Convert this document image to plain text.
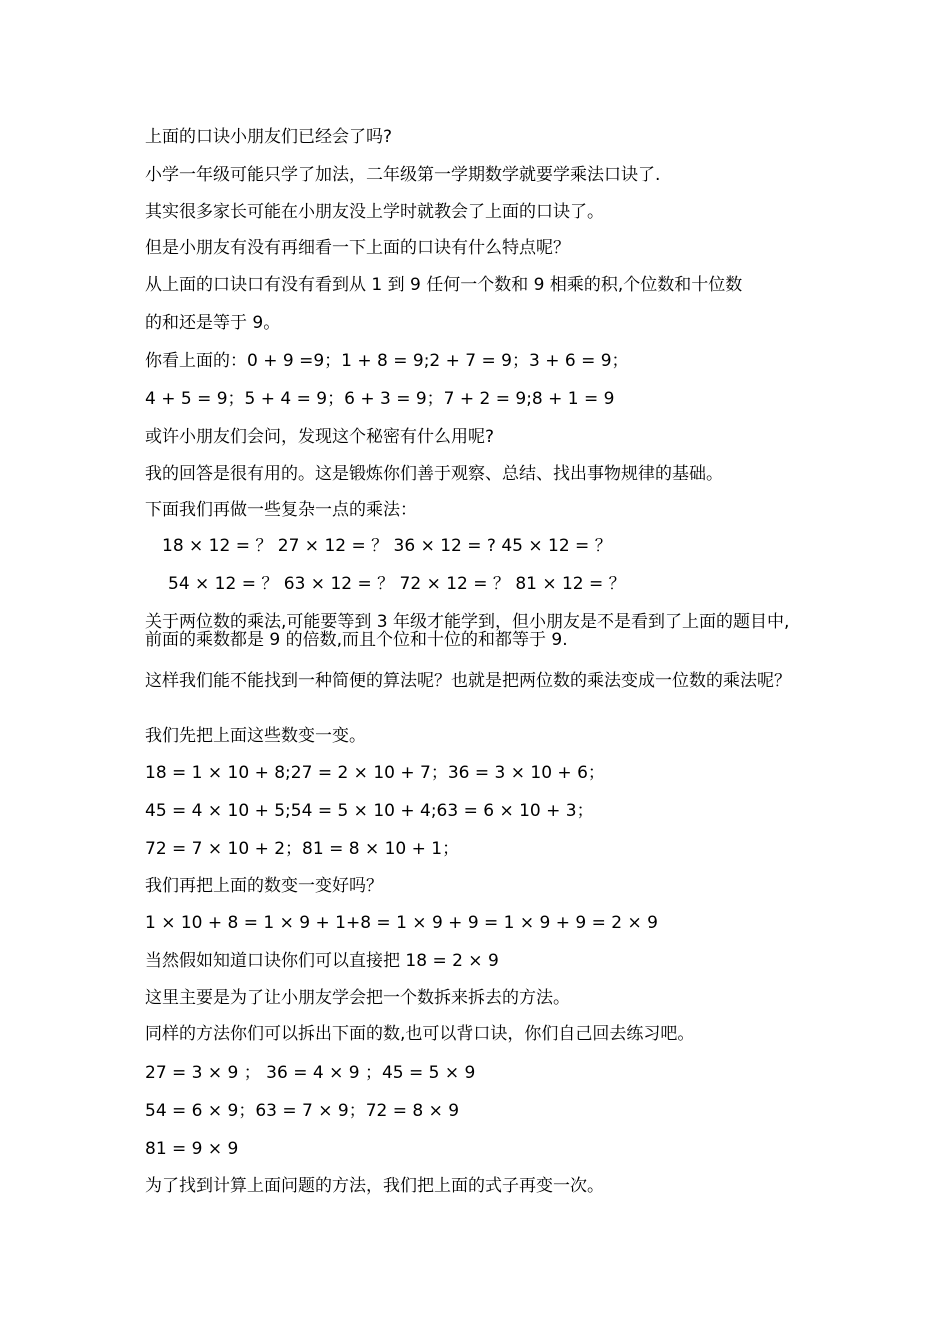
上面的口诀小朋友们已经会了吗?
小学一年级可能只学了加法，二年级第一学期数学就要学乘法口诀了.
其实很多家长可能在小朋友没上学时就教会了上面的口诀了。
但是小朋友有没有再细看一下上面的口诀有什么特点呢？
从上面的口诀口有没有看到从 1 到 9 任何一个数和 9 相乘的积,个位数和十位数
的和还是等于 9。
你看上面的：0 + 9 =9；1 + 8 = 9;2 + 7 = 9；3 + 6 = 9；
4 + 5 = 9；5 + 4 = 9；6 + 3 = 9；7 + 2 = 9;8 + 1 = 9
或许小朋友们会问，发现这个秘密有什么用呢?
我的回答是很有用的。这是锻炼你们善于观察、总结、找出事物规律的基础。
下面我们再做一些复杂一点的乘法：
18 × 12 = ？ 27 × 12 = ？ 36 × 12 = ? 45 × 12 = ？
54 × 12 = ？ 63 × 12 = ？ 72 × 12 = ？ 81 × 12 = ？
关于两位数的乘法,可能要等到 3 年级才能学到，但小朋友是不是看到了上面的题目中,前面的乘数都是 9 的倍数,而且个位和十位的和都等于 9.
这样我们能不能找到一种简便的算法呢？也就是把两位数的乘法变成一位数的乘法呢？
我们先把上面这些数变一变。
18 = 1 × 10 + 8;27 = 2 × 10 + 7；36 = 3 × 10 + 6；
45 = 4 × 10 + 5;54 = 5 × 10 + 4;63 = 6 × 10 + 3；
72 = 7 × 10 + 2；81 = 8 × 10 + 1；
我们再把上面的数变一变好吗？
1 × 10 + 8 = 1 × 9 + 1+8 = 1 × 9 + 9 = 1 × 9 + 9 = 2 × 9
当然假如知道口诀你们可以直接把 18 = 2 × 9
这里主要是为了让小朋友学会把一个数拆来拆去的方法。
同样的方法你们可以拆出下面的数,也可以背口诀，你们自己回去练习吧。
27 = 3 × 9 ； 36 = 4 × 9 ；45 = 5 × 9
54 = 6 × 9；63 = 7 × 9；72 = 8 × 9
81 = 9 × 9
为了找到计算上面问题的方法，我们把上面的式子再变一次。
